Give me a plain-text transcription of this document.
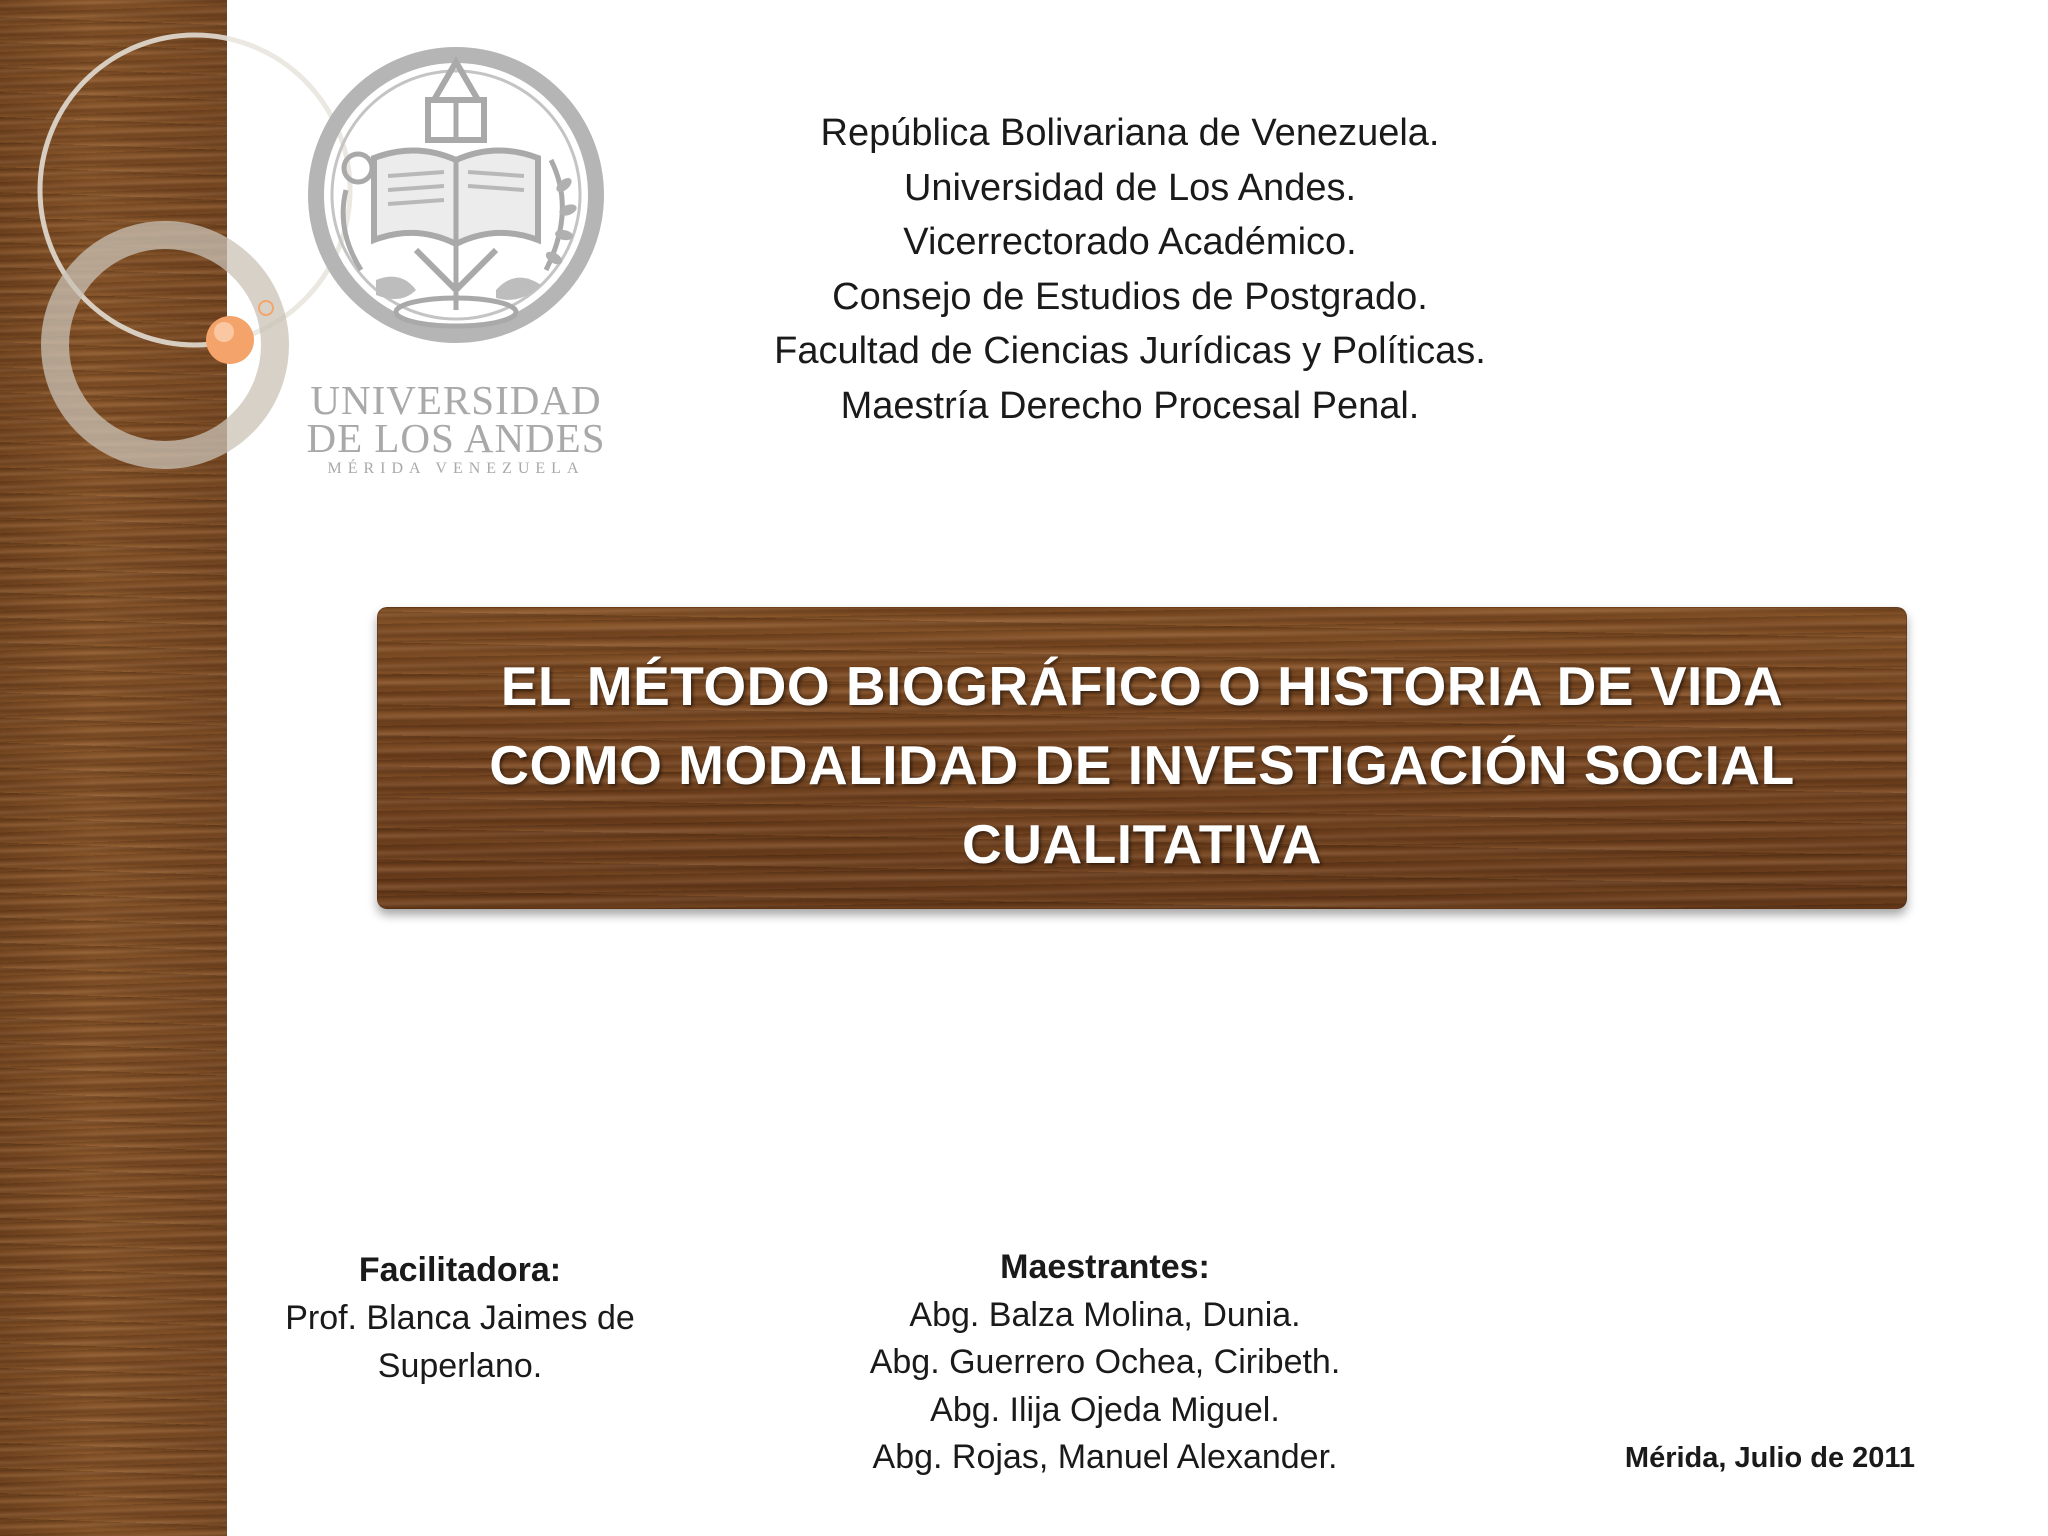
UNIVERSIDAD
DE LOS ANDES
MÉRIDA VENEZUELA
República Bolivariana de Venezuela.
Universidad de Los Andes.
Vicerrectorado Académico.
Consejo de Estudios de Postgrado.
Facultad de Ciencias Jurídicas y Políticas.
Maestría Derecho Procesal Penal.
EL MÉTODO BIOGRÁFICO O HISTORIA DE VIDA
COMO MODALIDAD DE INVESTIGACIÓN SOCIAL
CUALITATIVA
Facilitadora:
Prof. Blanca Jaimes de
Superlano.
Maestrantes:
Abg. Balza Molina, Dunia.
Abg. Guerrero Ochea, Ciribeth.
Abg. Ilija Ojeda Miguel.
Abg. Rojas, Manuel Alexander.	Mérida, Julio de 2011
